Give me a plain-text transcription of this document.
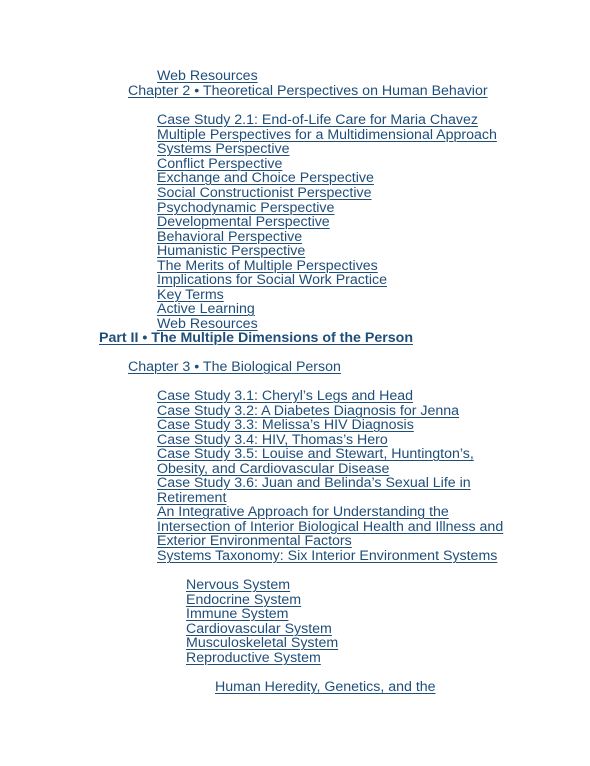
Web Resources
Chapter 2 • Theoretical Perspectives on Human Behavior
Case Study 2.1: End-of-Life Care for Maria Chavez
Multiple Perspectives for a Multidimensional Approach
Systems Perspective
Conflict Perspective
Exchange and Choice Perspective
Social Constructionist Perspective
Psychodynamic Perspective
Developmental Perspective
Behavioral Perspective
Humanistic Perspective
The Merits of Multiple Perspectives
Implications for Social Work Practice
Key Terms
Active Learning
Web Resources
Part II • The Multiple Dimensions of the Person
Chapter 3 • The Biological Person
Case Study 3.1: Cheryl’s Legs and Head
Case Study 3.2: A Diabetes Diagnosis for Jenna
Case Study 3.3: Melissa’s HIV Diagnosis
Case Study 3.4: HIV, Thomas’s Hero
Case Study 3.5: Louise and Stewart, Huntington’s, Obesity, and Cardiovascular Disease
Case Study 3.6: Juan and Belinda’s Sexual Life in Retirement
An Integrative Approach for Understanding the Intersection of Interior Biological Health and Illness and Exterior Environmental Factors
Systems Taxonomy: Six Interior Environment Systems
Nervous System
Endocrine System
Immune System
Cardiovascular System
Musculoskeletal System
Reproductive System
Human Heredity, Genetics, and the
